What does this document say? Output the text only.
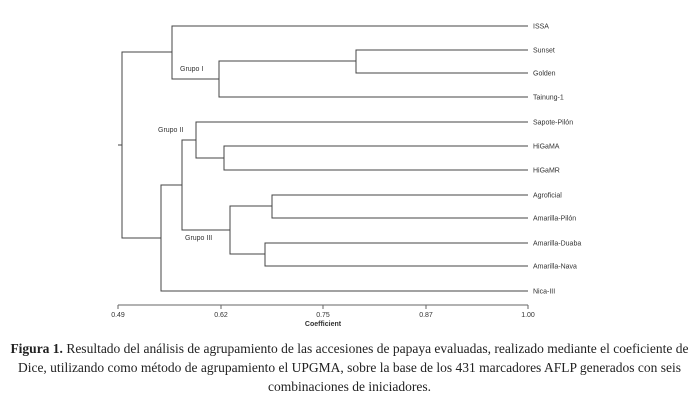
ISSA
Sunset
Golden
Tainung-1
Sapote-Pilón
HiGaMA
HiGaMR
Agroficial
Amarilla-Pilón
Amarilla-Duaba
Amarilla-Nava
Nica-III
Grupo I
Grupo II
Grupo III
0.49	0.62	0.75	0.87	1.00
Coefficient
Figura 1. Resultado del análisis de agrupamiento de las accesiones de papaya evaluadas, realizado mediante el coeficiente de Dice, utilizando como método de agrupamiento el UPGMA, sobre la base de los 431 marcadores AFLP generados con seis combinaciones de iniciadores.
